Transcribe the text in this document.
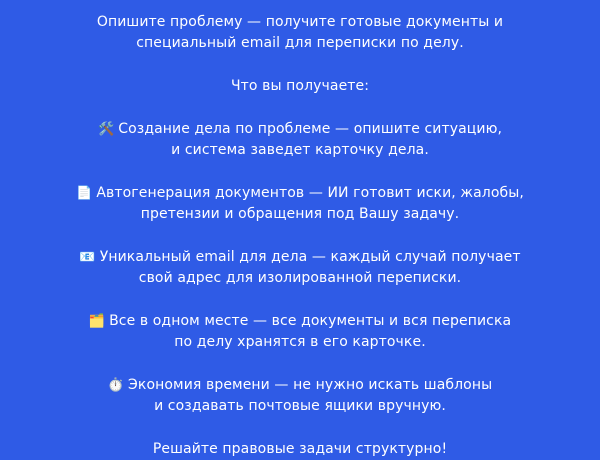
Опишите проблему — получите готовые документы и
специальный email для переписки по делу.

Что вы получаете:

🛠️ Создание дела по проблеме — опишите ситуацию,
и система заведет карточку дела.

📄 Автогенерация документов — ИИ готовит иски, жалобы,
претензии и обращения под Вашу задачу.

📧 Уникальный email для дела — каждый случай получает
свой адрес для изолированной переписки.

🗂️ Все в одном месте — все документы и вся переписка
по делу хранятся в его карточке.

⏱️ Экономия времени — не нужно искать шаблоны
и создавать почтовые ящики вручную.

Решайте правовые задачи структурно!
